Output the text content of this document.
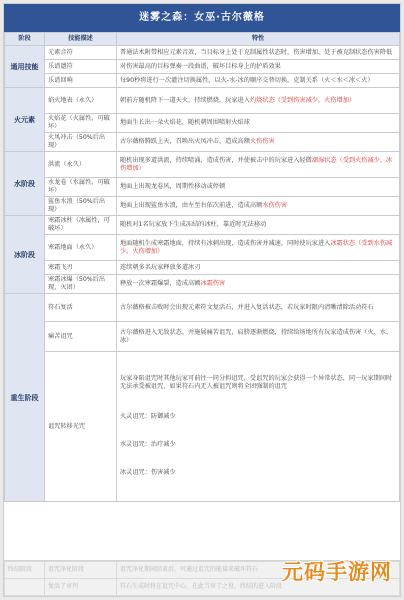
迷雾之森：女巫·古尔薇格
阶段	技能描述	特性
通用技能	元素音符	普通法术附带相应元素音效，当目标身上处于克制属性状态时，伤害增加，处于被克制状态伤害降低
	乐谱遗符	对伤害最高的目标弹奏一段曲谱，破坏目标身上的护盾效果
	乐谱回响	每90秒将进行一次灌注切换属性，以火-水-冰的顺序交替切换，克制关系（火＜水＜冰＜火）
火元素	焰火地表（永久）	朝前方随机降下一道天火，持续燃烧，玩家进入灼烧状态（受到伤害减少，火伤增加）
	火焰花（火属性，可破坏）	地面生长出一朵火焰花，随机朝周围喷射火焰球
	火凤冲击（50%后出现）	古尔薇格腾跃上天，召唤出火凤冲击，造成高额火伤伤害
水阶段	洪流（永久）	随机出现多道洪流，持续喷涌，造成伤害，并使被击中的玩家进入轻微潮湿状态（受到火伤减少，冰伤增加）
	水龙卷（水属性，可破坏）	地面上出现龙卷风，周期性移动或停顿
	鲨鱼水浪（50%后出现）	地面上出现鲨鱼水浪，由左至右依次前进，造成高额水伤伤害
冰阶段	寒霜冰柱（冰属性，可破坏）	随机对1名玩家放下生成冻结的冰柱，靠近时无法移动
	寒霜地面（永久）	地面随机生成寒霜地面，持续有冰刺出现，造成伤害并减速，同时使玩家进入冰霜状态（受到水伤减少，火伤增加）
	寒霜飞刃	连续朝多名玩家释放多道冰刃
	寒霜冰爆（50%后出现，灭团）	释放一次寒霜爆裂，造成高额冰霜伤害
重生阶段	符石复活	古尔薇格被击败时会出现元素符文复活石，并进入复活状态，若玩家时限内清晰清除活动符石
	痛苦诅咒	古尔薇格进入无敌状态，并施展痛苦诅咒，肩膀逐渐燃烧，持续给场地所有玩家造成伤害（火、水、冰）
	诅咒转移光咒	玩家身陷诅咒时其他玩家可前往一同分担诅咒，受诅咒的玩家会获得一个异常状态，同一玩家期间时无法承受被诅咒，如果符石内无人被诅咒则将全团强制的诅咒
火灵诅咒：防御减少
水灵诅咒：治疗减少
冰灵诅咒：伤害减少
终结阶段	诅咒净化阶段	诅咒净化期间结束后，可通过诅咒的能量来破坏符石
	复活了审判	符石生成时将在诅咒中心，在此当审了之役，终结的进入阶段
元码手游网
